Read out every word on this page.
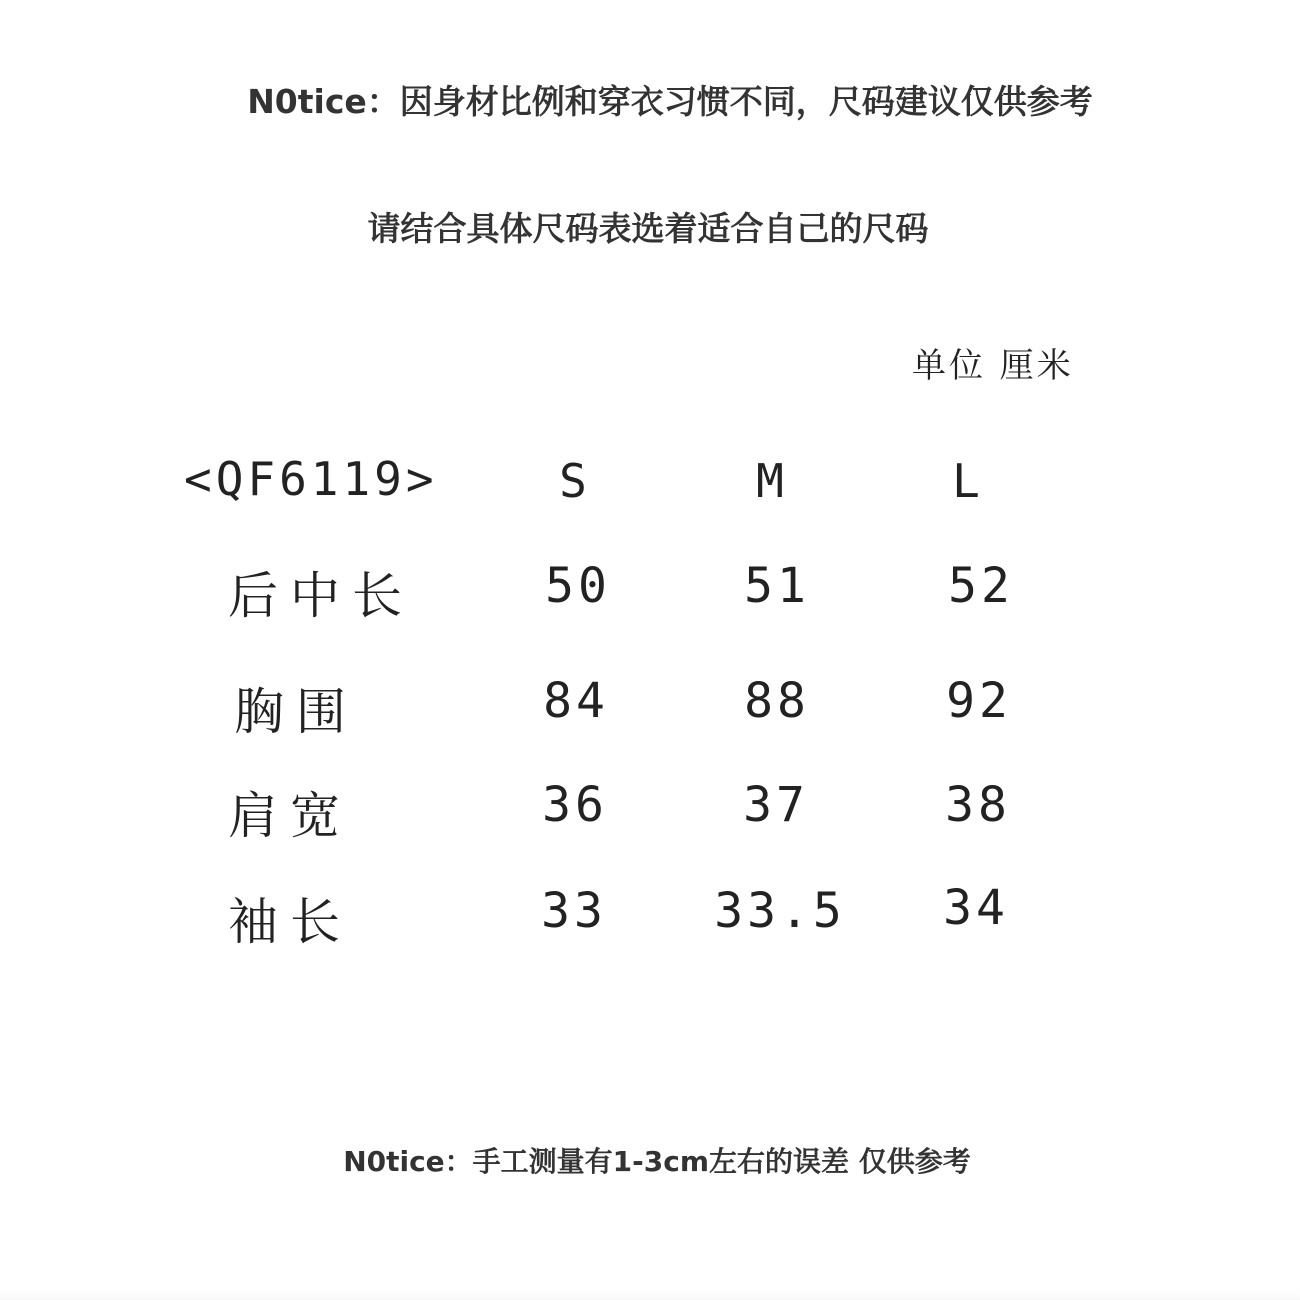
N0tice：因身材比例和穿衣习惯不同，尺码建议仅供参考
请结合具体尺码表选着适合自己的尺码
单位 厘米
<QF6119>	S	M	L
后中长	50	51	52
胸围	84	88	92
肩宽	36	37	38
袖长	33 33.5 34
N0tice：手工测量有1-3cm左右的误差 仅供参考
